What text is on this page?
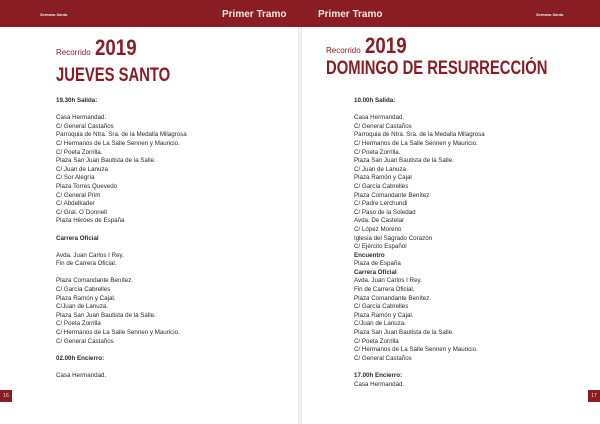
Semana Santa	Primer Tramo	Primer Tramo	Semana Santa
Recorrido 2019
JUEVES SANTO
19.30h Salida:
Casa Hermandad.
C/ General Castaños
Parroquia de Ntra. Sra. de la Medalla Milagrosa
C/ Hermanos de La Salle Sennen y Mauricio.
C/ Poeta Zorrilla.
Plaza San Juan Bautista de la Salle.
C/ Juan de Lanuza
C/ Sor Alegría
Plaza Torres Quevedo
C/ General Prim
C/ Abdelkader
C/ Gral. O´Donnell
Plaza Héroes de España
Carrera Oficial
Avda. Juan Carlos I Rey.
Fin de Carrera Oficial.
Plaza Comandante Benítez.
C/ García Cabrelles
Plaza Ramón y Cajal.
C/Juan de Lanuza.
Plaza San Juan Bautista de la Salle.
C/ Poeta Zorrilla
C/ Hermanos de La Salle Sennen y Mauricio.
C/ General Castaños
02.00h Encierro:
Casa Hermandad.
16
Recorrido 2019
DOMINGO DE RESURRECCIÓN
10.00h Salida:
Casa Hermandad.
C/ General Castaños
Parroquia de Ntra. Sra. de la Medalla Milagrosa
C/ Hermanos de La Salle Sennen y Mauricio.
C/ Poeta Zorrilla.
Plaza San Juan Bautista de la Salle.
C/ Juan de Lanuza
Plaza Ramón y Cajal
C/ García Cabrelles
Plaza Comandante Benítez
C/ Padre Lerchundi
C/ Paso de la Soledad
Avda. De Castelar
C/ López Moreno
Iglesia del Sagrado Corazón
C/ Ejército Español
Encuentro
Plaza de España
Carrera Oficial
Avda. Juan Carlos I Rey.
Fin de Carrera Oficial.
Plaza Comandante Benítez.
C/ García Cabrelles
Plaza Ramón y Cajal.
C/Juan de Lanuza.
Plaza San Juan Bautista de la Salle.
C/ Poeta Zorrilla
C/ Hermanos de La Salle Sennen y Mauricio.
C/ General Castaños
17.00h Encierro:
Casa Hermandad.
17
